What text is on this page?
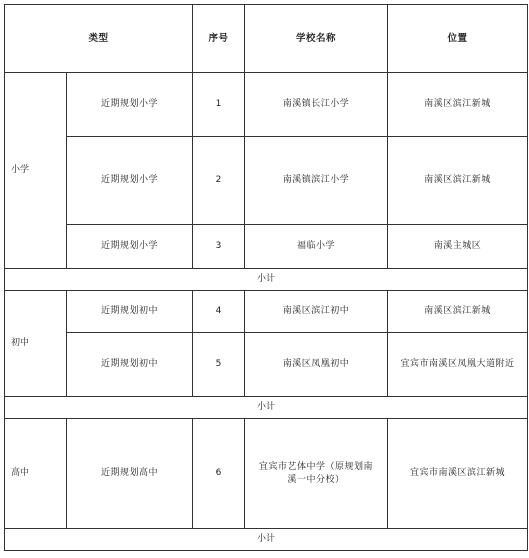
类型		序号	学校名称	位置
小学	近期规划小学	1	南溪镇长江小学	南溪区滨江新城
	近期规划小学	2	南溪镇滨江小学	南溪区滨江新城
	近期规划小学	3	福临小学	南溪主城区
小计				
初中	近期规划初中	4	南溪区滨江初中	南溪区滨江新城
	近期规划初中	5	南溪区凤凰初中	宜宾市南溪区凤凰大道附近
小计				
高中	近期规划高中	6	宜宾市艺体中学（原规划南溪一中分校）	宜宾市南溪区滨江新城
小计				
